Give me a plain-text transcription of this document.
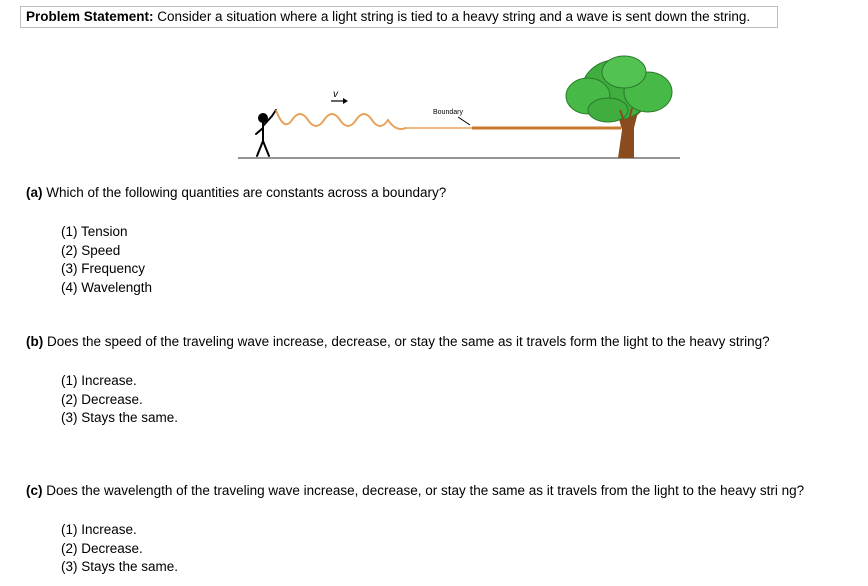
Problem Statement: Consider a situation where a light string is tied to a heavy string and a wave is sent down the string.
v
Boundary
(a) Which of the following quantities are constants across a boundary?
(1) Tension
(2) Speed
(3) Frequency
(4) Wavelength
(b) Does the speed of the traveling wave increase, decrease, or stay the same as it travels form the light to the heavy string?
(1) Increase.
(2) Decrease.
(3) Stays the same.
(c) Does the wavelength of the traveling wave increase, decrease, or stay the same as it travels from the light to the heavy stri ng?
(1) Increase.
(2) Decrease.
(3) Stays the same.
